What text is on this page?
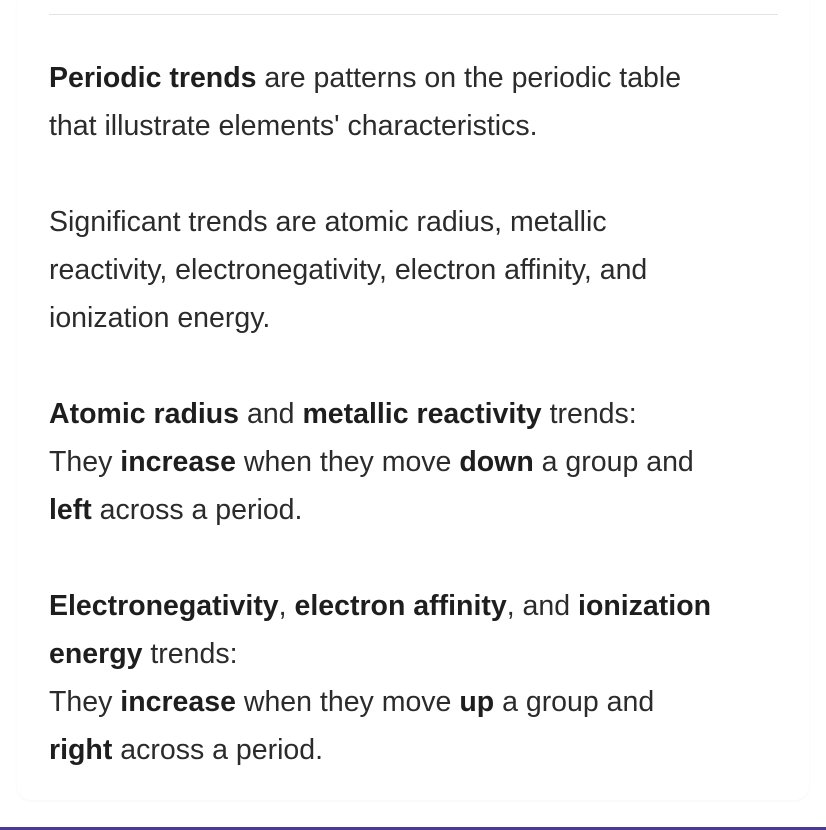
Periodic trends are patterns on the periodic table
that illustrate elements' characteristics.

Significant trends are atomic radius, metallic
reactivity, electronegativity, electron affinity, and
ionization energy.

Atomic radius and metallic reactivity trends:
They increase when they move down a group and
left across a period.

Electronegativity, electron affinity, and ionization
energy trends:
They increase when they move up a group and
right across a period.
